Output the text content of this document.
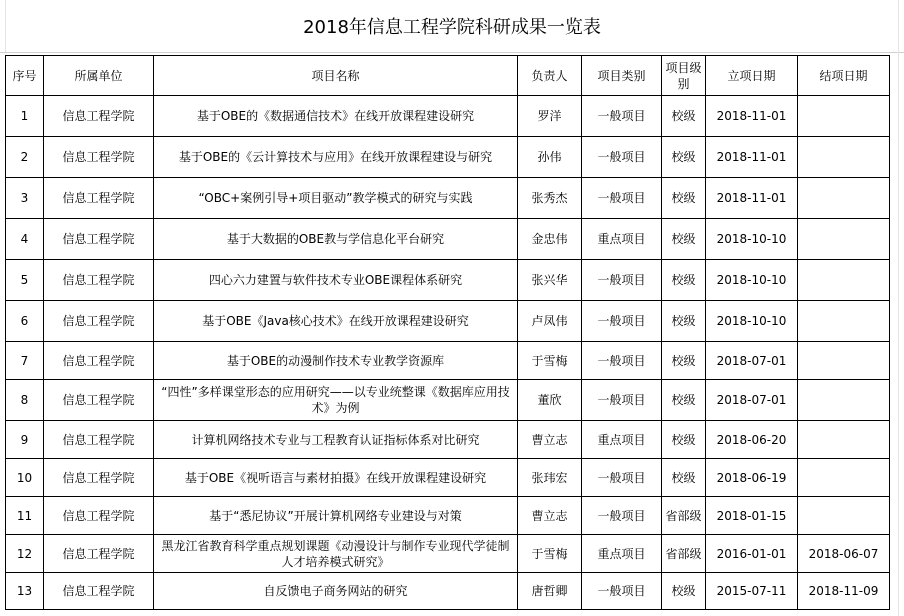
2018年信息工程学院科研成果一览表
序号	所属单位	项目名称	负责人	项目类别	项目级别	立项日期	结项日期
1	信息工程学院	基于OBE的《数据通信技术》在线开放课程建设研究	罗洋	一般项目	校级	2018-11-01	
2	信息工程学院	基于OBE的《云计算技术与应用》在线开放课程建设与研究	孙伟	一般项目	校级	2018-11-01	
3	信息工程学院	“OBC+案例引导+项目驱动”教学模式的研究与实践	张秀杰	一般项目	校级	2018-11-01	
4	信息工程学院	基于大数据的OBE教与学信息化平台研究	金忠伟	重点项目	校级	2018-10-10	
5	信息工程学院	四心六力建置与软件技术专业OBE课程体系研究	张兴华	一般项目	校级	2018-10-10	
6	信息工程学院	基于OBE《Java核心技术》在线开放课程建设研究	卢凤伟	一般项目	校级	2018-10-10	
7	信息工程学院	基于OBE的动漫制作技术专业教学资源库	于雪梅	一般项目	校级	2018-07-01	
8	信息工程学院	“四性”多样课堂形态的应用研究——以专业统整课《数据库应用技术》为例	董欣	一般项目	校级	2018-07-01	
9	信息工程学院	计算机网络技术专业与工程教育认证指标体系对比研究	曹立志	重点项目	校级	2018-06-20	
10	信息工程学院	基于OBE《视听语言与素材拍摄》在线开放课程建设研究	张玮宏	一般项目	校级	2018-06-19	
11	信息工程学院	基于“悉尼协议”开展计算机网络专业建设与对策	曹立志	一般项目	省部级	2018-01-15	
12	信息工程学院	黑龙江省教育科学重点规划课题《动漫设计与制作专业现代学徒制人才培养模式研究》	于雪梅	重点项目	省部级	2016-01-01	2018-06-07
13	信息工程学院	自反馈电子商务网站的研究	唐哲卿	一般项目	校级	2015-07-11	2018-11-09
